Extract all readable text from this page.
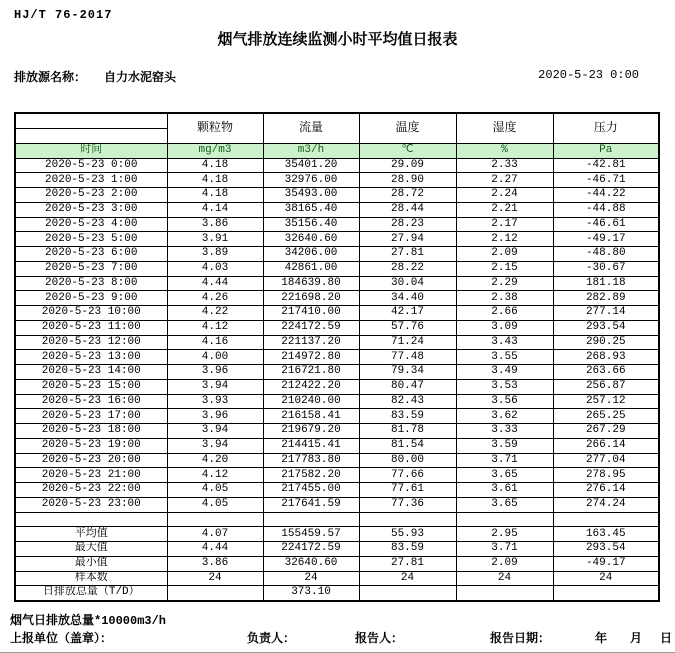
HJ/T 76-2017
烟气排放连续监测小时平均值日报表
排放源名称： 自力水泥窑头	2020-5-23 0:00
	颗粒物	流量	温度	湿度	压力

时间	mg/m3	m3/h	℃	%	Pa
2020-5-23 0:00	4.18	35401.20	29.09	2.33	-42.81
2020-5-23 1:00	4.18	32976.00	28.90	2.27	-46.71
2020-5-23 2:00	4.18	35493.00	28.72	2.24	-44.22
2020-5-23 3:00	4.14	38165.40	28.44	2.21	-44.88
2020-5-23 4:00	3.86	35156.40	28.23	2.17	-46.61
2020-5-23 5:00	3.91	32640.60	27.94	2.12	-49.17
2020-5-23 6:00	3.89	34206.00	27.81	2.09	-48.80
2020-5-23 7:00	4.03	42861.00	28.22	2.15	-30.67
2020-5-23 8:00	4.44	184639.80	30.04	2.29	181.18
2020-5-23 9:00	4.26	221698.20	34.40	2.38	282.89
2020-5-23 10:00	4.22	217410.00	42.17	2.66	277.14
2020-5-23 11:00	4.12	224172.59	57.76	3.09	293.54
2020-5-23 12:00	4.16	221137.20	71.24	3.43	290.25
2020-5-23 13:00	4.00	214972.80	77.48	3.55	268.93
2020-5-23 14:00	3.96	216721.80	79.34	3.49	263.66
2020-5-23 15:00	3.94	212422.20	80.47	3.53	256.87
2020-5-23 16:00	3.93	210240.00	82.43	3.56	257.12
2020-5-23 17:00	3.96	216158.41	83.59	3.62	265.25
2020-5-23 18:00	3.94	219679.20	81.78	3.33	267.29
2020-5-23 19:00	3.94	214415.41	81.54	3.59	266.14
2020-5-23 20:00	4.20	217783.80	80.00	3.71	277.04
2020-5-23 21:00	4.12	217582.20	77.66	3.65	278.95
2020-5-23 22:00	4.05	217455.00	77.61	3.61	276.14
2020-5-23 23:00	4.05	217641.59	77.36	3.65	274.24

平均值	4.07	155459.57	55.93	2.95	163.45
最大值	4.44	224172.59	83.59	3.71	293.54
最小值	3.86	32640.60	27.81	2.09	-49.17
样本数	24	24	24	24	24
日排放总量（T/D）		373.10			
烟气日排放总量*10000m3/h
上报单位（盖章）：	负责人：	报告人：	报告日期：	年 月 日
